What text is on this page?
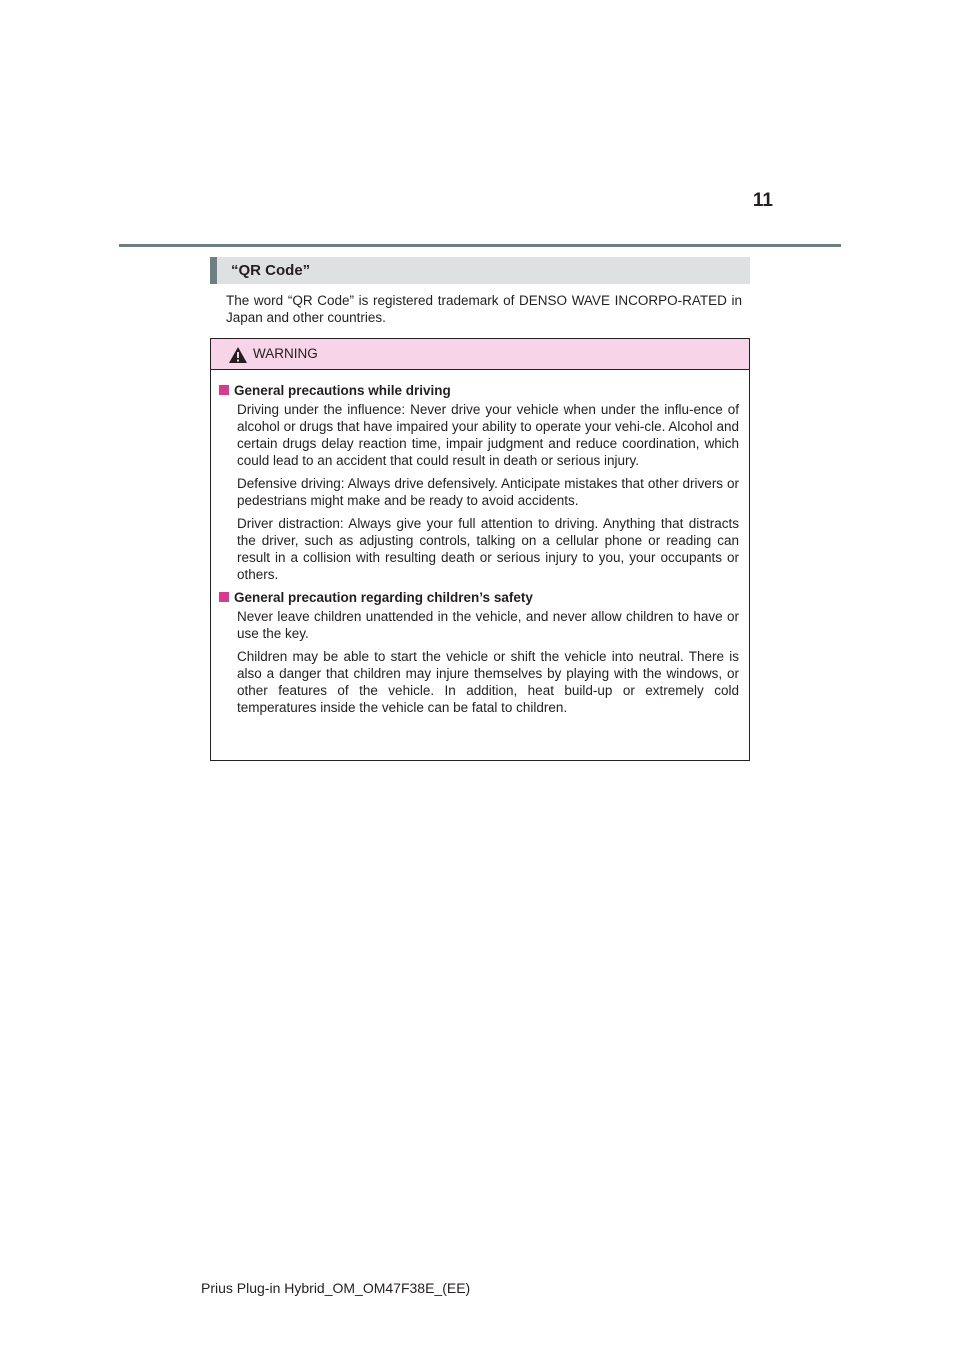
11
“QR Code”

The word “QR Code” is registered trademark of DENSO WAVE INCORPO-RATED in Japan and other countries.

WARNING
General precautions while driving

Driving under the influence: Never drive your vehicle when under the influ-ence of alcohol or drugs that have impaired your ability to operate your vehi-cle. Alcohol and certain drugs delay reaction time, impair judgment and reduce coordination, which could lead to an accident that could result in death or serious injury.

Defensive driving: Always drive defensively. Anticipate mistakes that other drivers or pedestrians might make and be ready to avoid accidents.

Driver distraction: Always give your full attention to driving. Anything that distracts the driver, such as adjusting controls, talking on a cellular phone or reading can result in a collision with resulting death or serious injury to you, your occupants or others.

General precaution regarding children’s safety

Never leave children unattended in the vehicle, and never allow children to have or use the key.

Children may be able to start the vehicle or shift the vehicle into neutral. There is also a danger that children may injure themselves by playing with the windows, or other features of the vehicle. In addition, heat build-up or extremely cold temperatures inside the vehicle can be fatal to children.

Prius Plug-in Hybrid_OM_OM47F38E_(EE)
